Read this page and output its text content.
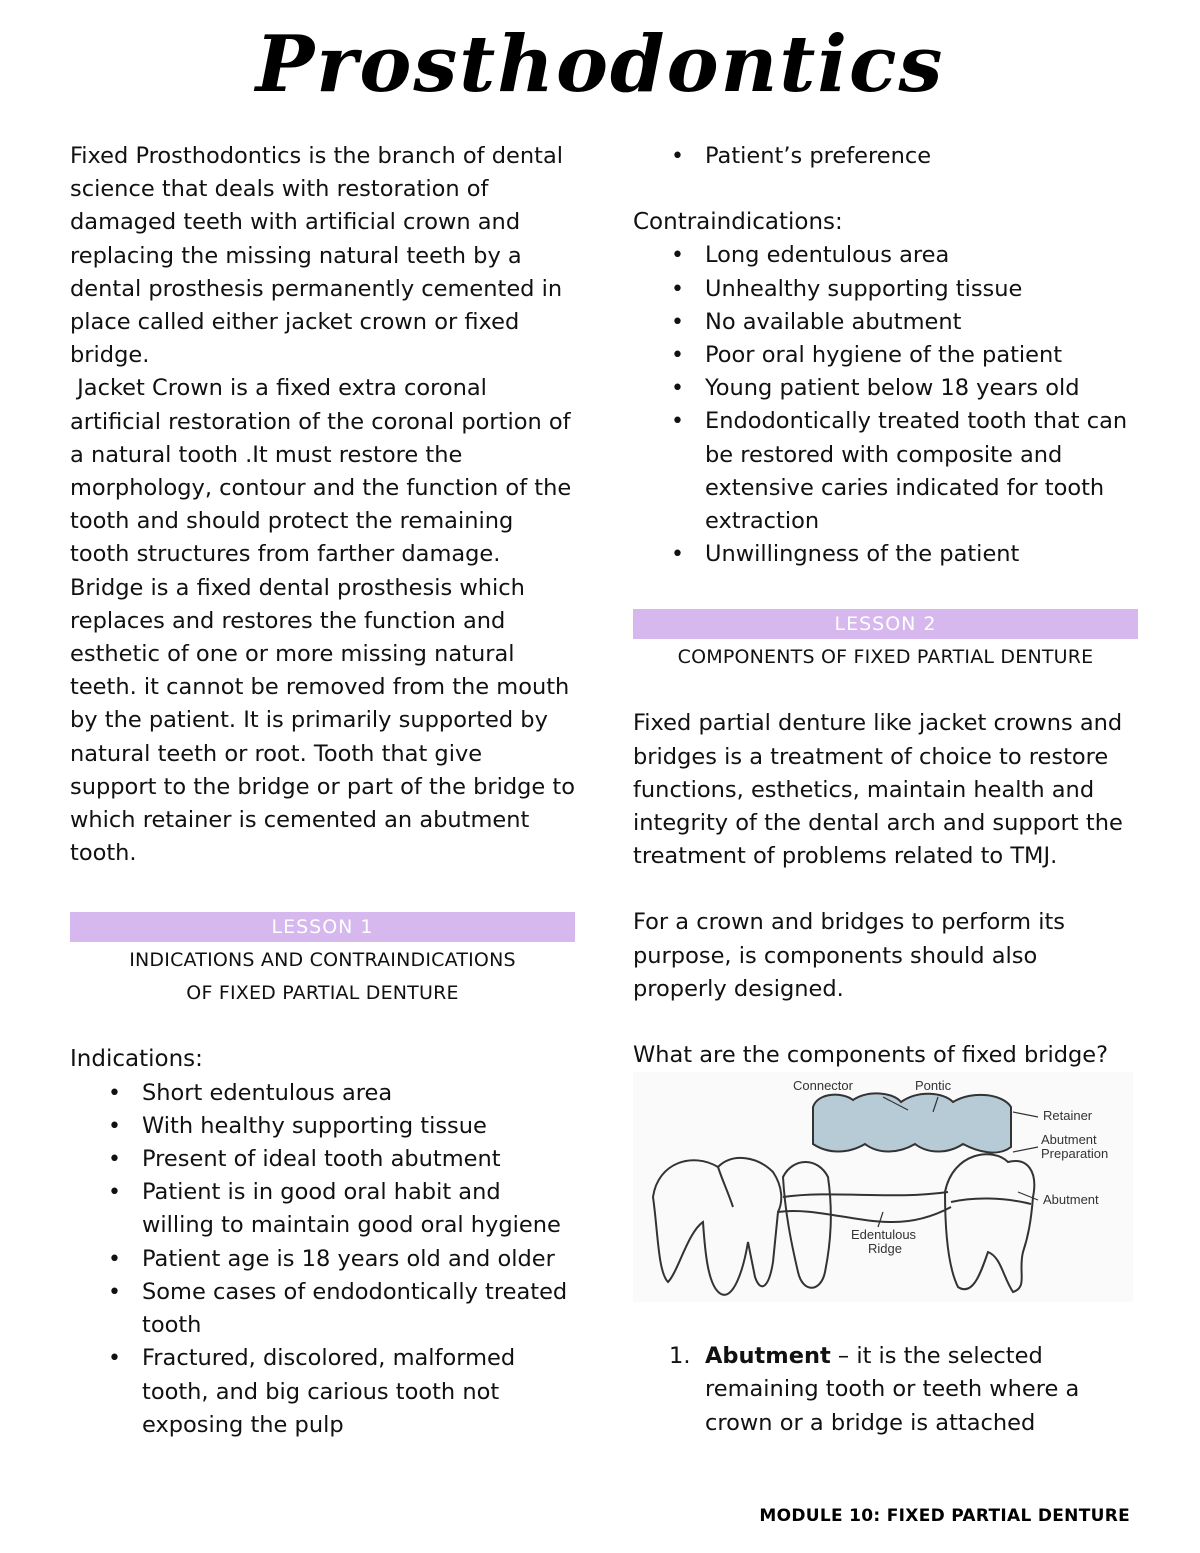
Prosthodontics

Fixed Prosthodontics is the branch of dental science that deals with restoration of damaged teeth with artificial crown and replacing the missing natural teeth by a dental prosthesis permanently cemented in place called either jacket crown or fixed bridge.

Jacket Crown is a fixed extra coronal artificial restoration of the coronal portion of a natural tooth .It must restore the morphology, contour and the function of the tooth and should protect the remaining tooth structures from farther damage.

Bridge is a fixed dental prosthesis which replaces and restores the function and esthetic of one or more missing natural teeth. it cannot be removed from the mouth by the patient. It is primarily supported by natural teeth or root. Tooth that give support to the bridge or part of the bridge to which retainer is cemented an abutment tooth.

LESSON 1
INDICATIONS AND CONTRAINDICATIONS
OF FIXED PARTIAL DENTURE
Indications:
• Short edentulous area
• With healthy supporting tissue
• Present of ideal tooth abutment
• Patient is in good oral habit and willing to maintain good oral hygiene
• Patient age is 18 years old and older
• Some cases of endodontically treated tooth
• Fractured, discolored, malformed tooth, and big carious tooth not exposing the pulp
• Patient’s preference
Contraindications:
• Long edentulous area
• Unhealthy supporting tissue
• No available abutment
• Poor oral hygiene of the patient
• Young patient below 18 years old
• Endodontically treated tooth that can be restored with composite and extensive caries indicated for tooth extraction
• Unwillingness of the patient
LESSON 2
COMPONENTS OF FIXED PARTIAL DENTURE

Fixed partial denture like jacket crowns and bridges is a treatment of choice to restore functions, esthetics, maintain health and integrity of the dental arch and support the treatment of problems related to TMJ.

For a crown and bridges to perform its purpose, is components should also properly designed.

What are the components of fixed bridge?

Connector	Pontic
Retainer
Abutment
Preparation
Abutment
Edentulous
Ridge
1. Abutment – it is the selected remaining tooth or teeth where a crown or a bridge is attached
MODULE 10: FIXED PARTIAL DENTURE
